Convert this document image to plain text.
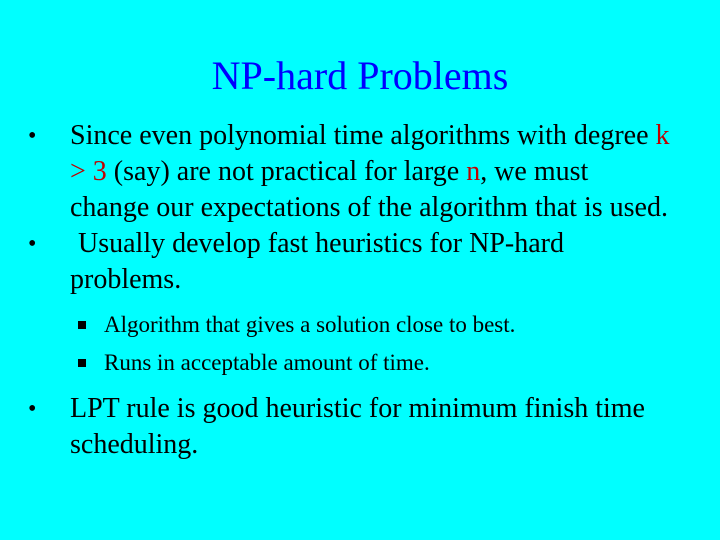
NP-hard Problems
• Since even polynomial time algorithms with degree k > 3 (say) are not practical for large n, we must change our expectations of the algorithm that is used.
• Usually develop fast heuristics for NP-hard problems.
Algorithm that gives a solution close to best.
Runs in acceptable amount of time.
• LPT rule is good heuristic for minimum finish time scheduling.
